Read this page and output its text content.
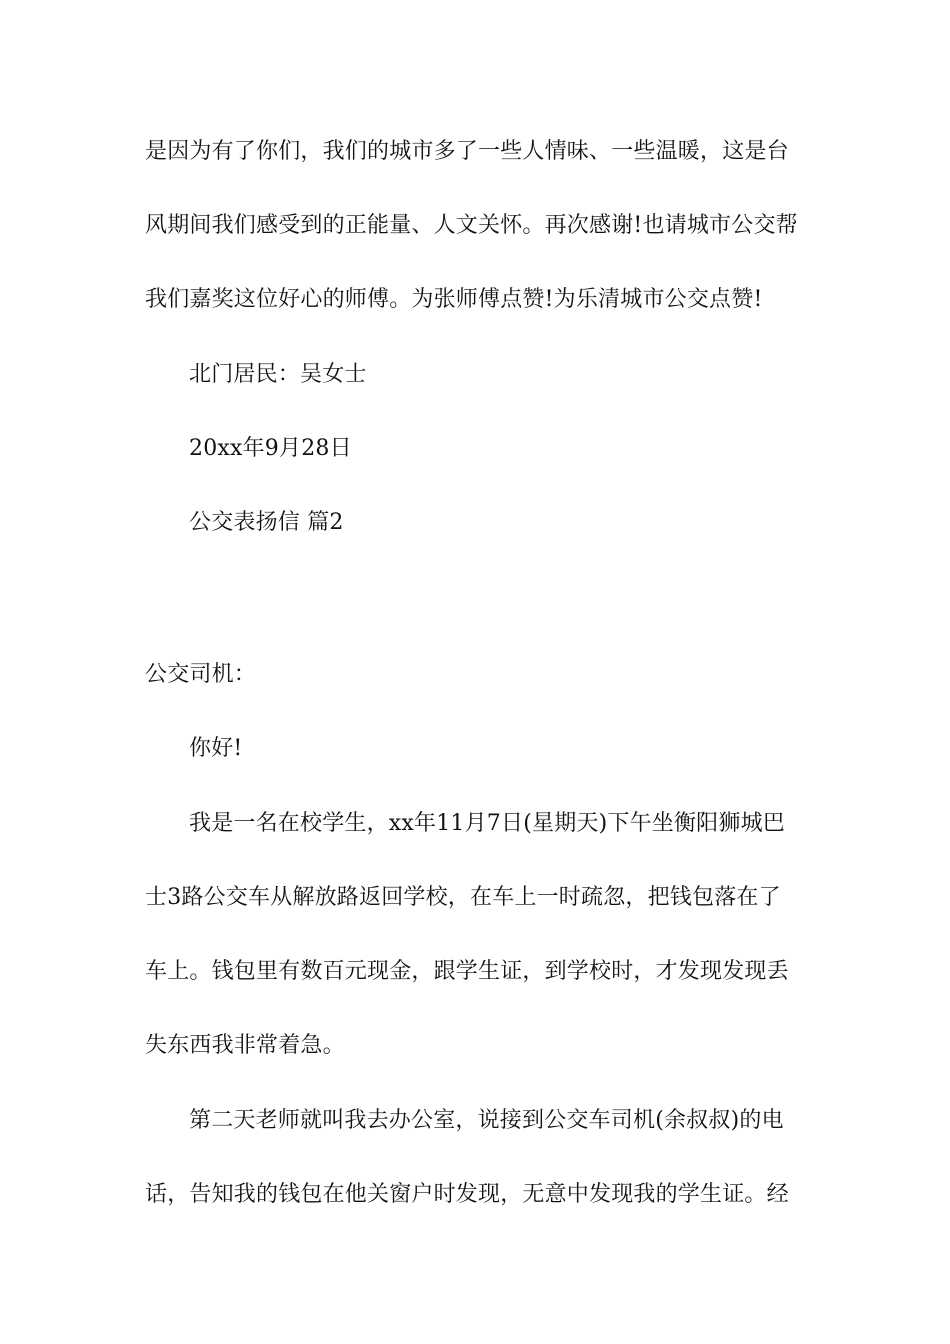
是因为有了你们，我们的城市多了一些人情味、一些温暖，这是台
风期间我们感受到的正能量、人文关怀。再次感谢!也请城市公交帮
我们嘉奖这位好心的师傅。为张师傅点赞!为乐清城市公交点赞!
北门居民：吴女士
20xx年9月28日
公交表扬信 篇2
公交司机：
你好!
我是一名在校学生，xx年11月7日(星期天)下午坐衡阳狮城巴
士3路公交车从解放路返回学校，在车上一时疏忽，把钱包落在了
车上。钱包里有数百元现金，跟学生证，到学校时，才发现发现丢
失东西我非常着急。
第二天老师就叫我去办公室，说接到公交车司机(余叔叔)的电
话，告知我的钱包在他关窗户时发现，无意中发现我的学生证。经
